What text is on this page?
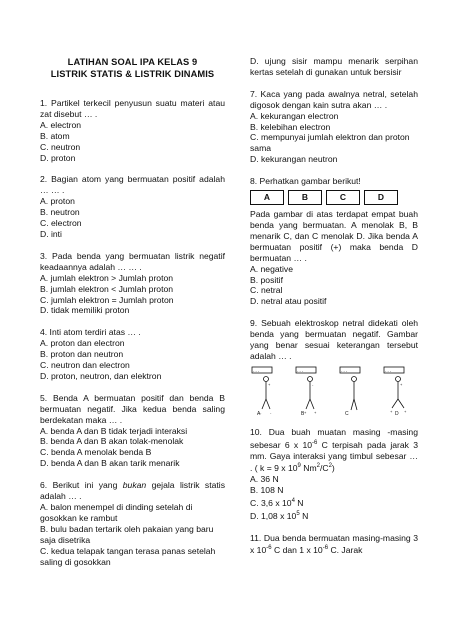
LATIHAN SOAL IPA KELAS 9
LISTRIK STATIS & LISTRIK DINAMIS

1. Partikel terkecil penyusun suatu materi atau zat disebut … .

A. electron

B. atom

C. neutron

D. proton

2. Bagian atom yang bermuatan positif adalah … … .

A. proton

B. neutron

C. electron

D. inti

3. Pada benda yang bermuatan listrik negatif keadaannya adalah … … .

A. jumlah elektron > Jumlah proton

B. jumlah elektron < Jumlah proton

C. jumlah elektron = Jumlah proton

D. tidak memiliki proton

4. Inti atom terdiri atas … .

A. proton dan electron

B. proton dan neutron

C. neutron dan electron

D. proton, neutron, dan elektron

5. Benda A bermuatan positif dan benda B bermuatan negatif. Jika kedua benda saling berdekatan maka … .

A. benda A dan B tidak terjadi interaksi

B. benda A dan B akan tolak-menolak

C. benda A menolak benda B

D. benda A dan B akan tarik menarik

6. Berikut ini yang bukan gejala listrik statis adalah … .

A. balon menempel di dinding setelah di gosokkan ke rambut

B. bulu badan tertarik oleh pakaian yang baru saja disetrika

C. kedua telapak tangan terasa panas setelah saling di gosokkan

D. ujung sisir mampu menarik serpihan kertas setelah di gunakan untuk bersisir

7. Kaca yang pada awalnya netral, setelah digosok dengan kain sutra akan … .

A. kekurangan electron

B. kelebihan electron

C. mempunyai jumlah elektron dan proton sama

D. kekurangan neutron

8. Perhatkan gambar berikut!

A	B	C	D

Pada gambar di atas terdapat empat buah benda yang bermuatan. A menolak B, B menarik C, dan C menolak D. Jika benda A bermuatan positif (+) maka benda D bermuatan … .

A. negative

B. positif

C. netral

D. netral atau positif

9. Sebuah elektroskop netral didekati oleh benda yang bermuatan negatif. Gambar yang benar sesuai keterangan tersebut adalah … .

- - -
+
- -
A
- - -
-
+ +
B
- - -
C
- - -
+
+	+
D

10. Dua buah muatan masing -masing sebesar 6 x $10^{-6}$ C terpisah pada jarak 3 mm. Gaya interaksi yang timbul sebesar … . ( k = 9 x $10^9$ $Nm^2/C^2$)

A. 36 N

B. 108 N

C. 3,6 x $10^4$ N

D. 1,08 x $10^5$ N

11. Dua benda bermuatan masing-masing 3 x $10^{-6}$ C dan 1 x $10^{-6}$ C. Jarak
